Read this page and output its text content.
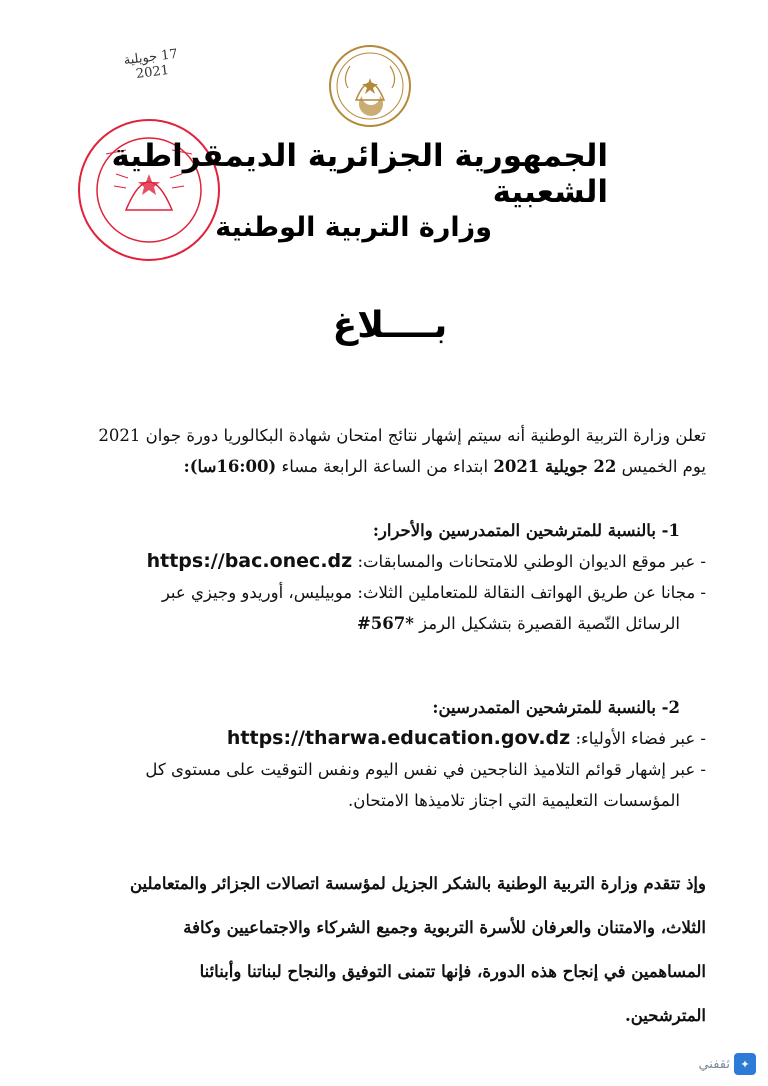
17 جويلية 2021
الجمهورية الجزائرية الديمقراطية الشعبية
وزارة التربية الوطنية
بــــلاغ
تعلن وزارة التربية الوطنية أنه سيتم إشهار نتائج امتحان شهادة البكالوريا دورة جوان 2021
يوم الخميس 22 جويلية 2021 ابتداء من الساعة الرابعة مساء (16:00سا):
1- بالنسبة للمترشحين المتمدرسين والأحرار:
- عبر موقع الديوان الوطني للامتحانات والمسابقات: https://bac.onec.dz
- مجانا عن طريق الهواتف النقالة للمتعاملين الثلاث: موبيليس، أوريدو وجيزي عبر
الرسائل النّصية القصيرة بتشكيل الرمز #567*
2- بالنسبة للمترشحين المتمدرسين:
- عبر فضاء الأولياء: https://tharwa.education.gov.dz
- عبر إشهار قوائم التلاميذ الناجحين في نفس اليوم ونفس التوقيت على مستوى كل
المؤسسات التعليمية التي اجتاز تلاميذها الامتحان.
وإذ تتقدم وزارة التربية الوطنية بالشكر الجزيل لمؤسسة اتصالات الجزائر والمتعاملين
الثلاث، والامتنان والعرفان للأسرة التربوية وجميع الشركاء والاجتماعيين وكافة
المساهمين في إنجاح هذه الدورة، فإنها تتمنى التوفيق والنجاح لبناتنا وأبنائنا
المترشحين.
ثقفني ✦
